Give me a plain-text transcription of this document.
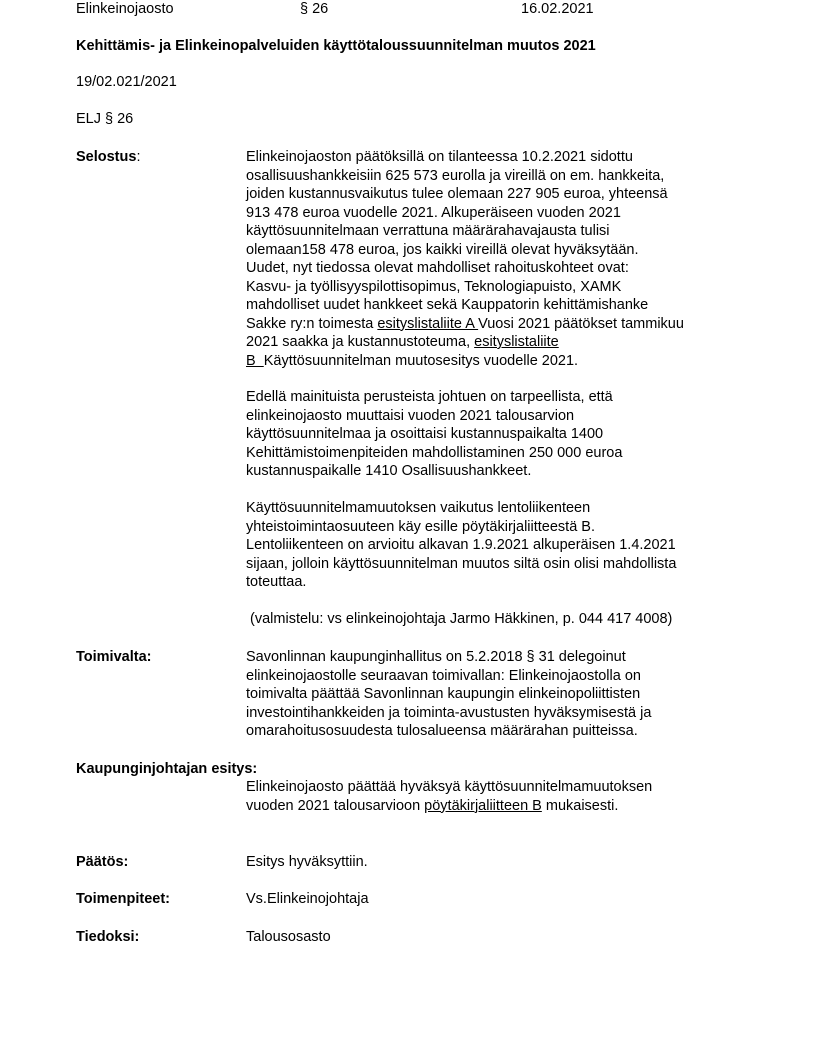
Elinkeinojaosto	§ 26	16.02.2021
Kehittämis- ja Elinkeinopalveluiden käyttötaloussuunnitelman muutos 2021
19/02.021/2021
ELJ § 26
Selostus:	Elinkeinojaoston päätöksillä on tilanteessa 10.2.2021 sidottu
osallisuushankkeisiin 625 573 eurolla ja vireillä on em. hankkeita,
joiden kustannusvaikutus tulee olemaan 227 905 euroa, yhteensä
913 478 euroa vuodelle 2021. Alkuperäiseen vuoden 2021
käyttösuunnitelmaan verrattuna määrärahavajausta tulisi
olemaan158 478 euroa, jos kaikki vireillä olevat hyväksytään.
Uudet, nyt tiedossa olevat mahdolliset rahoituskohteet ovat:
Kasvu- ja työllisyyspilottisopimus, Teknologiapuisto, XAMK
mahdolliset uudet hankkeet sekä Kauppatorin kehittämishanke
Sakke ry:n toimesta esityslistaliite A Vuosi 2021 päätökset tammikuu
2021 saakka ja kustannustoteuma, esityslistaliite
B  Käyttösuunnitelman muutosesitys vuodelle 2021.
Edellä mainituista perusteista johtuen on tarpeellista, että
elinkeinojaosto muuttaisi vuoden 2021 talousarvion
käyttösuunnitelmaa ja osoittaisi kustannuspaikalta 1400
Kehittämistoimenpiteiden mahdollistaminen 250 000 euroa
kustannuspaikalle 1410 Osallisuushankkeet.
Käyttösuunnitelmamuutoksen vaikutus lentoliikenteen
yhteistoimintaosuuteen käy esille pöytäkirjaliitteestä B.
Lentoliikenteen on arvioitu alkavan 1.9.2021 alkuperäisen 1.4.2021
sijaan, jolloin käyttösuunnitelman muutos siltä osin olisi mahdollista
toteuttaa.
(valmistelu: vs elinkeinojohtaja Jarmo Häkkinen, p. 044 417 4008)
Toimivalta:	Savonlinnan kaupunginhallitus on 5.2.2018 § 31 delegoinut
elinkeinojaostolle seuraavan toimivallan: Elinkeinojaostolla on
toimivalta päättää Savonlinnan kaupungin elinkeinopoliittisten
investointihankkeiden ja toiminta-avustusten hyväksymisestä ja
omarahoitusosuudesta tulosalueensa määrärahan puitteissa.
Kaupunginjohtajan esitys:
Elinkeinojaosto päättää hyväksyä käyttösuunnitelmamuutoksen
vuoden 2021 talousarvioon pöytäkirjaliitteen B mukaisesti.
Päätös:	Esitys hyväksyttiin.
Toimenpiteet:	Vs.Elinkeinojohtaja
Tiedoksi:	Talousosasto
